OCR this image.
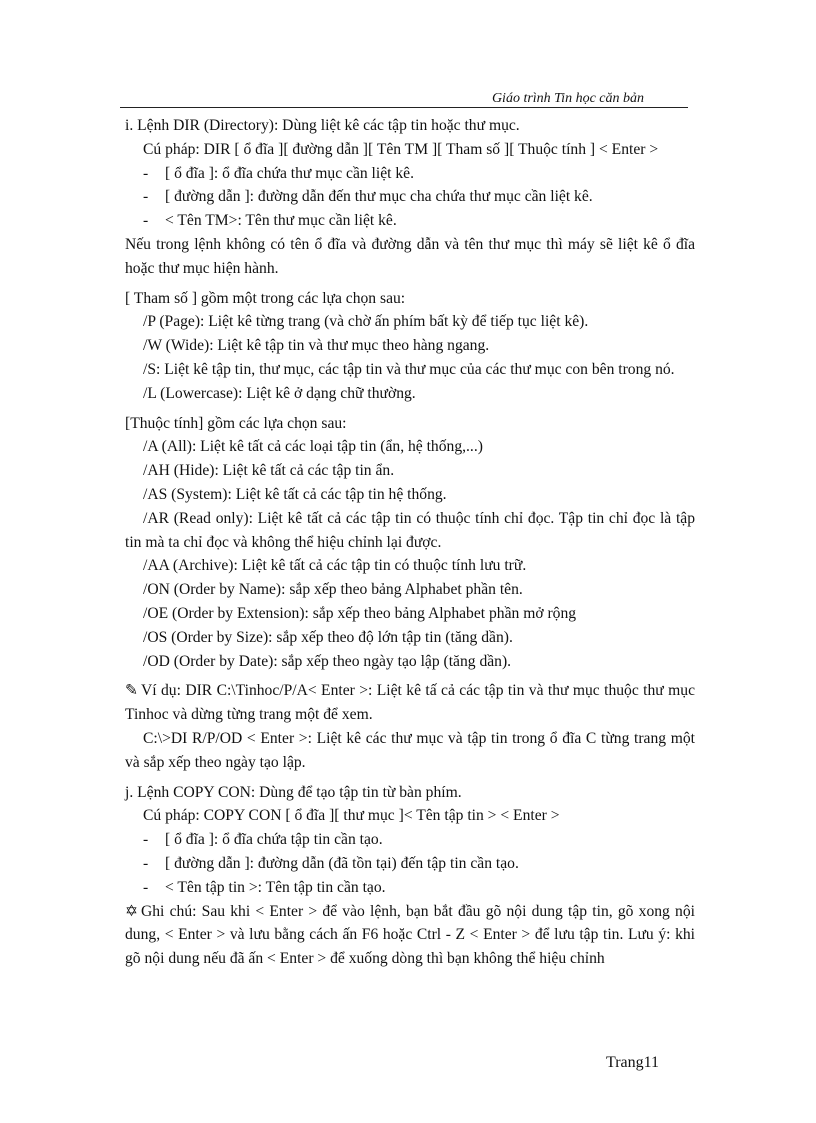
Giáo trình Tin học căn bản

i. Lệnh DIR (Directory): Dùng liệt kê các tập tin hoặc thư mục.

Cú pháp: DIR [ ổ đĩa ][ đường dẫn ][ Tên TM ][ Tham số ][ Thuộc tính ] < Enter >

-	[ ổ đĩa ]: ổ đĩa chứa thư mục cần liệt kê.
-	[ đường dẫn ]: đường dẫn đến thư mục cha chứa thư mục cần liệt kê.
-	< Tên TM>: Tên thư mục cần liệt kê.

Nếu trong lệnh không có tên ổ đĩa và đường dẫn và tên thư mục thì máy sẽ liệt kê ổ đĩa hoặc thư mục hiện hành.

[ Tham số ] gồm một trong các lựa chọn sau:

/P (Page): Liệt kê từng trang (và chờ ấn phím bất kỳ để tiếp tục liệt kê).

/W (Wide): Liệt kê tập tin và thư mục theo hàng ngang.

/S: Liệt kê tập tin, thư mục, các tập tin và thư mục của các thư mục con bên trong nó.

/L (Lowercase): Liệt kê ở dạng chữ thường.

[Thuộc tính] gồm các lựa chọn sau:

/A (All): Liệt kê tất cả các loại tập tin (ẩn, hệ thống,...)

/AH (Hide): Liệt kê tất cả các tập tin ẩn.

/AS (System): Liệt kê tất cả các tập tin hệ thống.

/AR (Read only): Liệt kê tất cả các tập tin có thuộc tính chỉ đọc. Tập tin chỉ đọc là tập tin mà ta chỉ đọc và không thể hiệu chỉnh lại được.

/AA (Archive): Liệt kê tất cả các tập tin có thuộc tính lưu trữ.

/ON (Order by Name): sắp xếp theo bảng Alphabet phần tên.

/OE (Order by Extension): sắp xếp theo bảng Alphabet phần mở rộng

/OS (Order by Size): sắp xếp theo độ lớn tập tin (tăng dần).

/OD (Order by Date): sắp xếp theo ngày tạo lập (tăng dần).

✎ Ví dụ: DIR C:\Tinhoc/P/A< Enter >: Liệt kê tấ cả các tập tin và thư mục thuộc thư mục Tinhoc và dừng từng trang một để xem.

C:\>DI R/P/OD < Enter >: Liệt kê các thư mục và tập tin trong ổ đĩa C từng trang một và sắp xếp theo ngày tạo lập.

j. Lệnh COPY CON: Dùng để tạo tập tin từ bàn phím.

Cú pháp: COPY CON [ ổ đĩa ][ thư mục ]< Tên tập tin > < Enter >

-	[ ổ đĩa ]: ổ đĩa chứa tập tin cần tạo.
-	[ đường dẫn ]: đường dẫn (đã tồn tại) đến tập tin cần tạo.
-	< Tên tập tin >: Tên tập tin cần tạo.

✡ Ghi chú: Sau khi < Enter > để vào lệnh, bạn bắt đầu gõ nội dung tập tin, gõ xong nội dung, < Enter > và lưu bằng cách ấn F6 hoặc Ctrl - Z < Enter > để lưu tập tin. Lưu ý: khi gõ nội dung nếu đã ấn < Enter > để xuống dòng thì bạn không thể hiệu chỉnh

Trang11
